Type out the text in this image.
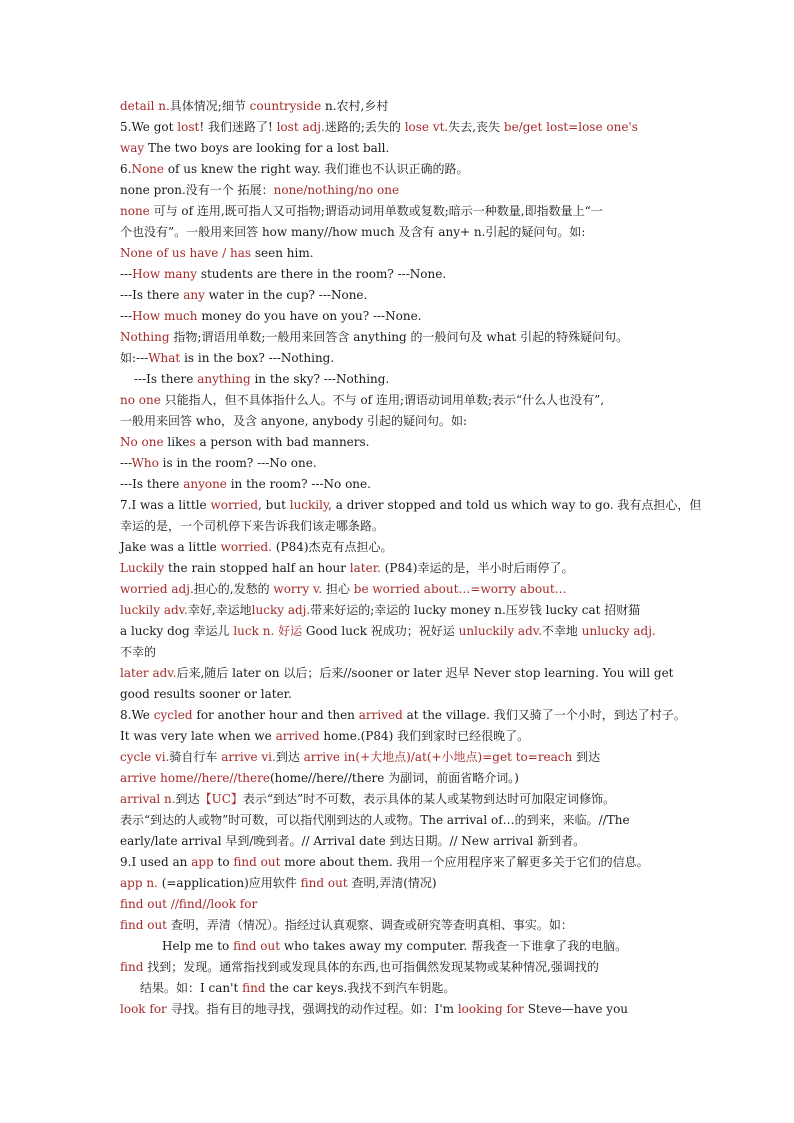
detail n.具体情况;细节 countryside n.农村,乡村
5.We got lost! 我们迷路了! lost adj.迷路的;丢失的 lose vt.失去,丧失 be/get lost=lose one's
way The two boys are looking for a lost ball.
6.None of us knew the right way. 我们谁也不认识正确的路。
none pron.没有一个 拓展：none/nothing/no one
none 可与 of 连用,既可指人又可指物;谓语动词用单数或复数;暗示一种数量,即指数量上“一
个也没有”。一般用来回答 how many//how much 及含有 any+ n.引起的疑问句。如:
None of us have / has seen him.
---How many students are there in the room? ---None.
---Is there any water in the cup? ---None.
---How much money do you have on you? ---None.
Nothing 指物;谓语用单数;一般用来回答含 anything 的一般问句及 what 引起的特殊疑问句。
如:---What is in the box? ---Nothing.
---Is there anything in the sky? ---Nothing.
no one 只能指人，但不具体指什么人。不与 of 连用;谓语动词用单数;表示“什么人也没有”,
一般用来回答 who，及含 anyone, anybody 引起的疑问句。如:
No one likes a person with bad manners.
---Who is in the room? ---No one.
---Is there anyone in the room? ---No one.
7.I was a little worried, but luckily, a driver stopped and told us which way to go. 我有点担心，但
幸运的是，一个司机停下来告诉我们该走哪条路。
Jake was a little worried. (P84)杰克有点担心。
Luckily the rain stopped half an hour later. (P84)幸运的是，半小时后雨停了。
worried adj.担心的,发愁的 worry v. 担心 be worried about…=worry about…
luckily adv.幸好,幸运地lucky adj.带来好运的;幸运的 lucky money n.压岁钱 lucky cat 招财猫
a lucky dog 幸运儿 luck n. 好运 Good luck 祝成功；祝好运 unluckily adv.不幸地 unlucky adj.
不幸的
later adv.后来,随后 later on 以后；后来//sooner or later 迟早 Never stop learning. You will get
good results sooner or later.
8.We cycled for another hour and then arrived at the village. 我们又骑了一个小时，到达了村子。
It was very late when we arrived home.(P84) 我们到家时已经很晚了。
cycle vi.骑自行车 arrive vi.到达 arrive in(+大地点)/at(+小地点)=get to=reach 到达
arrive home//here//there(home//here//there 为副词，前面省略介词。)
arrival n.到达【UC】表示“到达”时不可数，表示具体的某人或某物到达时可加限定词修饰。
表示“到达的人或物”时可数，可以指代刚到达的人或物。The arrival of…的到来，来临。//The
early/late arrival 早到/晚到者。// Arrival date 到达日期。// New arrival 新到者。
9.I used an app to find out more about them. 我用一个应用程序来了解更多关于它们的信息。
app n. (=application)应用软件 find out 查明,弄清(情况)
find out //find//look for
find out 查明，弄清（情况）。指经过认真观察、调查或研究等查明真相、事实。如：
Help me to find out who takes away my computer. 帮我查一下谁拿了我的电脑。
find 找到；发现。通常指找到或发现具体的东西,也可指偶然发现某物或某种情况,强调找的
结果。如：I can't find the car keys.我找不到汽车钥匙。
look for 寻找。指有目的地寻找，强调找的动作过程。如：I'm looking for Steve—have you
